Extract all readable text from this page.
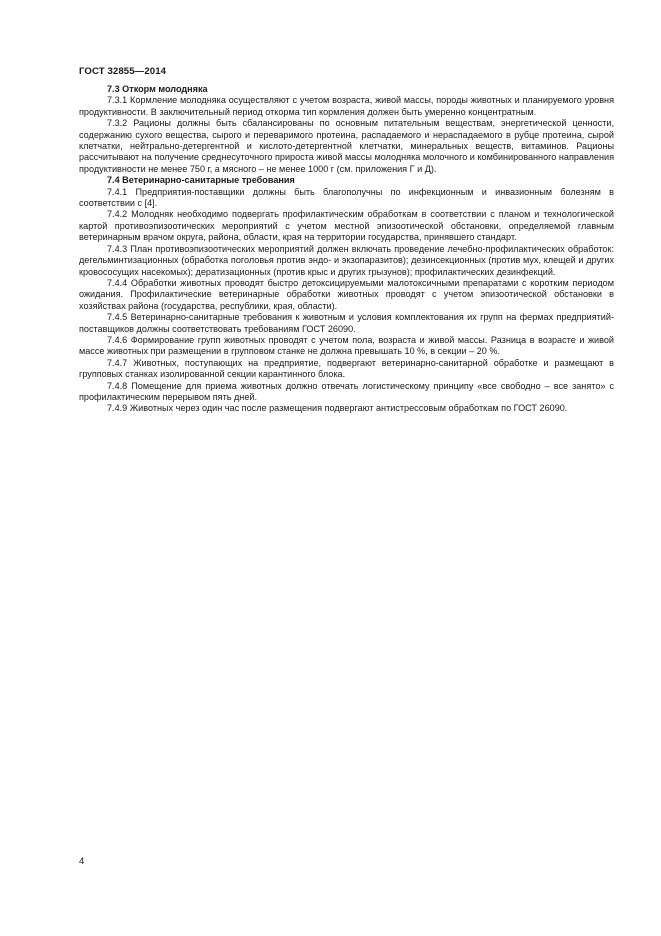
ГОСТ 32855—2014
7.3 Откорм молодняка

7.3.1 Кормление молодняка осуществляют с учетом возраста, живой массы, породы животных и планируемого уровня продуктивности. В заключительный период откорма тип кормления должен быть умеренно концентратным.

7.3.2 Рационы должны быть сбалансированы по основным питательным веществам, энергетической ценности, содержанию сухого вещества, сырого и переваримого протеина, распадаемого и нераспадаемого в рубце протеина, сырой клетчатки, нейтрально-детергентной и кислото-детергентной клетчатки, минеральных веществ, витаминов. Рационы рассчитывают на получение среднесуточного прироста живой массы молодняка молочного и комбинированного направления продуктивности не менее 750 г, а мясного – не менее 1000 г (см. приложения Г и Д).

7.4 Ветеринарно-санитарные требования

7.4.1 Предприятия-поставщики должны быть благополучны по инфекционным и инвазионным болезням в соответствии с [4].

7.4.2 Молодняк необходимо подвергать профилактическим обработкам в соответствии с планом и технологической картой противоэпизоотических мероприятий с учетом местной эпизоотической обстановки, определяемой главным ветеринарным врачом округа, района, области, края на территории государства, принявшего стандарт.

7.4.3 План противоэпизоотических мероприятий должен включать проведение лечебно-профилактических обработок: дегельминтизационных (обработка поголовья против эндо- и экзопаразитов); дезинсекционных (против мух, клещей и других кровососущих насекомых); дератизационных (против крыс и других грызунов); профилактических дезинфекций.

7.4.4 Обработки животных проводят быстро детоксицируемыми малотоксичными препаратами с коротким периодом ожидания. Профилактические ветеринарные обработки животных проводят с учетом эпизоотической обстановки в хозяйствах района (государства, республики, края, области).

7.4.5 Ветеринарно-санитарные требования к животным и условия комплектования их групп на фермах предприятий-поставщиков должны соответствовать требованиям ГОСТ 26090.

7.4.6 Формирование групп животных проводят с учетом пола, возраста и живой массы. Разница в возрасте и живой массе животных при размещении в групповом станке не должна превышать 10 %, в секции – 20 %.

7.4.7 Животных, поступающих на предприятие, подвергают ветеринарно-санитарной обработке и размещают в групповых станках изолированной секции карантинного блока.

7.4.8 Помещение для приема животных должно отвечать логистическому принципу «все свободно – все занято» с профилактическим перерывом пять дней.

7.4.9 Животных через один час после размещения подвергают антистрессовым обработкам по ГОСТ 26090.

4
